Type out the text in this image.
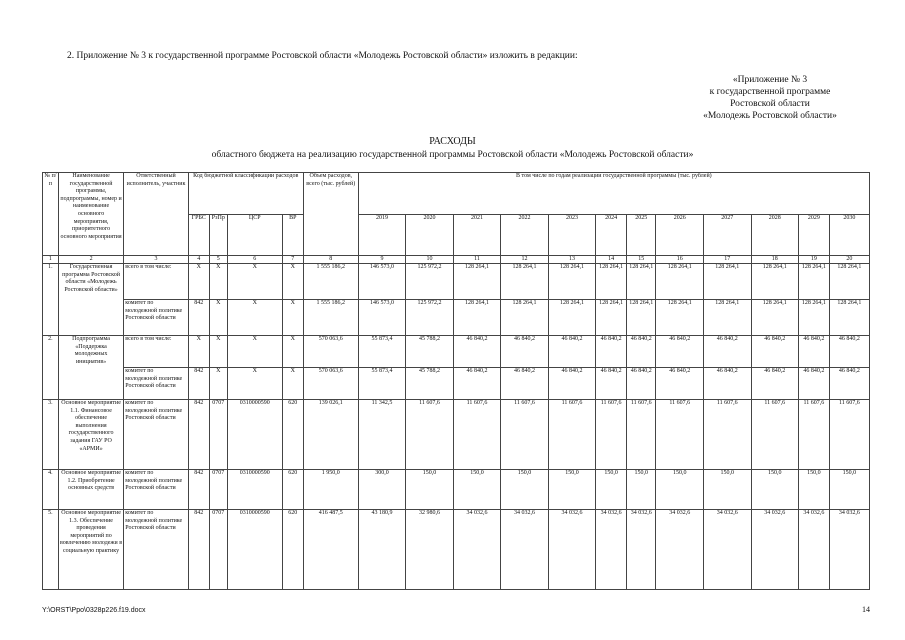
2. Приложение № 3 к государственной программе Ростовской области «Молодежь Ростовской области» изложить в редакции:
«Приложение № 3
к государственной программе
Ростовской области
«Молодежь Ростовской области»
РАСХОДЫ
областного бюджета на реализацию государственной программы Ростовской области «Молодежь Ростовской области»
№ п/п	Наименование государственной программы, подпрограммы, номер и наименование основного мероприятия, приоритетного основного мероприятия	Ответственный исполнитель, участник	Код бюджетной классификации расходов				Объем расходов, всего (тыс. рублей)	В том числе по годам реализации государственной программы (тыс. рублей)											
			ГРБС	РзПр	ЦСР	ВР		2019	2020	2021	2022	2023	2024	2025	2026	2027	2028	2029	2030
1	2	3	4	5	6	7	8	9	10	11	12	13	14	15	16	17	18	19	20
1.	Государственная программа Ростовской области «Молодежь Ростовской области»	всего в том числе:	X	X	X	X	1 555 186,2	146 573,0	125 972,2	128 264,1	128 264,1	128 264,1	128 264,1	128 264,1	128 264,1	128 264,1	128 264,1	128 264,1	128 264,1
		комитет по молодежной политике Ростовской области	842	X	X	X	1 555 186,2	146 573,0	125 972,2	128 264,1	128 264,1	128 264,1	128 264,1	128 264,1	128 264,1	128 264,1	128 264,1	128 264,1	128 264,1
2.	Подпрограмма «Поддержка молодежных инициатив»	всего в том числе:	X	X	X	X	570 063,6	55 873,4	45 788,2	46 840,2	46 840,2	46 840,2	46 840,2	46 840,2	46 840,2	46 840,2	46 840,2	46 840,2	46 840,2
		комитет по молодежной политике Ростовской области	842	X	X	X	570 063,6	55 873,4	45 788,2	46 840,2	46 840,2	46 840,2	46 840,2	46 840,2	46 840,2	46 840,2	46 840,2	46 840,2	46 840,2
3.	Основное мероприятие 1.1. Финансовое обеспечение выполнения государственного задания ГАУ РО «АРМИ»	комитет по молодежной политике Ростовской области	842	0707	0310000590	620	139 026,1	11 342,5	11 607,6	11 607,6	11 607,6	11 607,6	11 607,6	11 607,6	11 607,6	11 607,6	11 607,6	11 607,6	11 607,6
4.	Основное мероприятие 1.2. Приобретение основных средств	комитет по молодежной политике Ростовской области	842	0707	0310000590	620	1 950,0	300,0	150,0	150,0	150,0	150,0	150,0	150,0	150,0	150,0	150,0	150,0	150,0
5.	Основное мероприятие 1.3. Обеспечение проведения мероприятий по вовлечению молодежи в социальную практику	комитет по молодежной политике Ростовской области	842	0707	0310000590	620	416 487,5	43 180,9	32 980,6	34 032,6	34 032,6	34 032,6	34 032,6	34 032,6	34 032,6	34 032,6	34 032,6	34 032,6	34 032,6
Y:\ORST\Ppo\0328p226.f19.docx	14
